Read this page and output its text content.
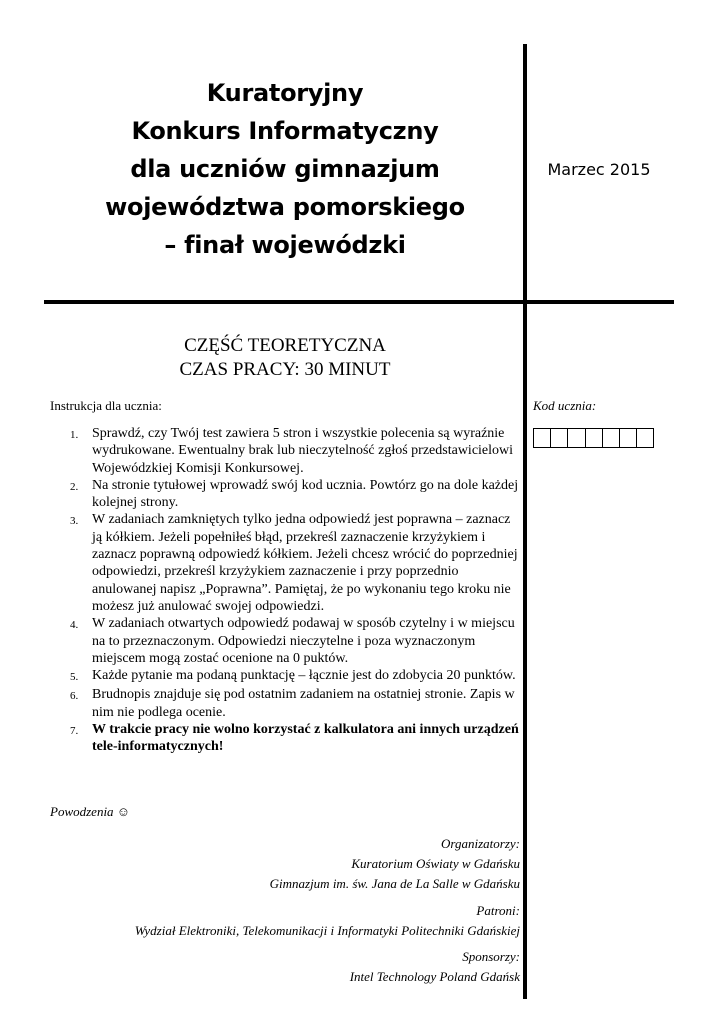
Kuratoryjny
Konkurs Informatyczny
dla uczniów gimnazjum
województwa pomorskiego
– finał wojewódzki
Marzec 2015
CZĘŚĆ TEORETYCZNA
CZAS PRACY: 30 MINUT
Instrukcja dla ucznia:	Kod ucznia:
1. Sprawdź, czy Twój test zawiera 5 stron i wszystkie polecenia są wyraźnie wydrukowane. Ewentualny brak lub nieczytelność zgłoś przedstawicielowi Wojewódzkiej Komisji Konkursowej.
2. Na stronie tytułowej wprowadź swój kod ucznia. Powtórz go na dole każdej kolejnej strony.
3. W zadaniach zamkniętych tylko jedna odpowiedź jest poprawna – zaznacz ją kółkiem. Jeżeli popełniłeś błąd, przekreśl zaznaczenie krzyżykiem i zaznacz poprawną odpowiedź kółkiem. Jeżeli chcesz wrócić do poprzedniej odpowiedzi, przekreśl krzyżykiem zaznaczenie i przy poprzednio anulowanej napisz „Poprawna”. Pamiętaj, że po wykonaniu tego kroku nie możesz już anulować swojej odpowiedzi.
4. W zadaniach otwartych odpowiedź podawaj w sposób czytelny i w miejscu na to przeznaczonym. Odpowiedzi nieczytelne i poza wyznaczonym miejscem mogą zostać ocenione na 0 puktów.
5. Każde pytanie ma podaną punktację – łącznie jest do zdobycia 20 punktów.
6. Brudnopis znajduje się pod ostatnim zadaniem na ostatniej stronie. Zapis w nim nie podlega ocenie.
7. W trakcie pracy nie wolno korzystać z kalkulatora ani innych urządzeń tele-informatycznych!
Powodzenia ☺
Organizatorzy:
Kuratorium Oświaty w Gdańsku
Gimnazjum im. św. Jana de La Salle w Gdańsku
Patroni:
Wydział Elektroniki, Telekomunikacji i Informatyki Politechniki Gdańskiej
Sponsorzy:
Intel Technology Poland Gdańsk
